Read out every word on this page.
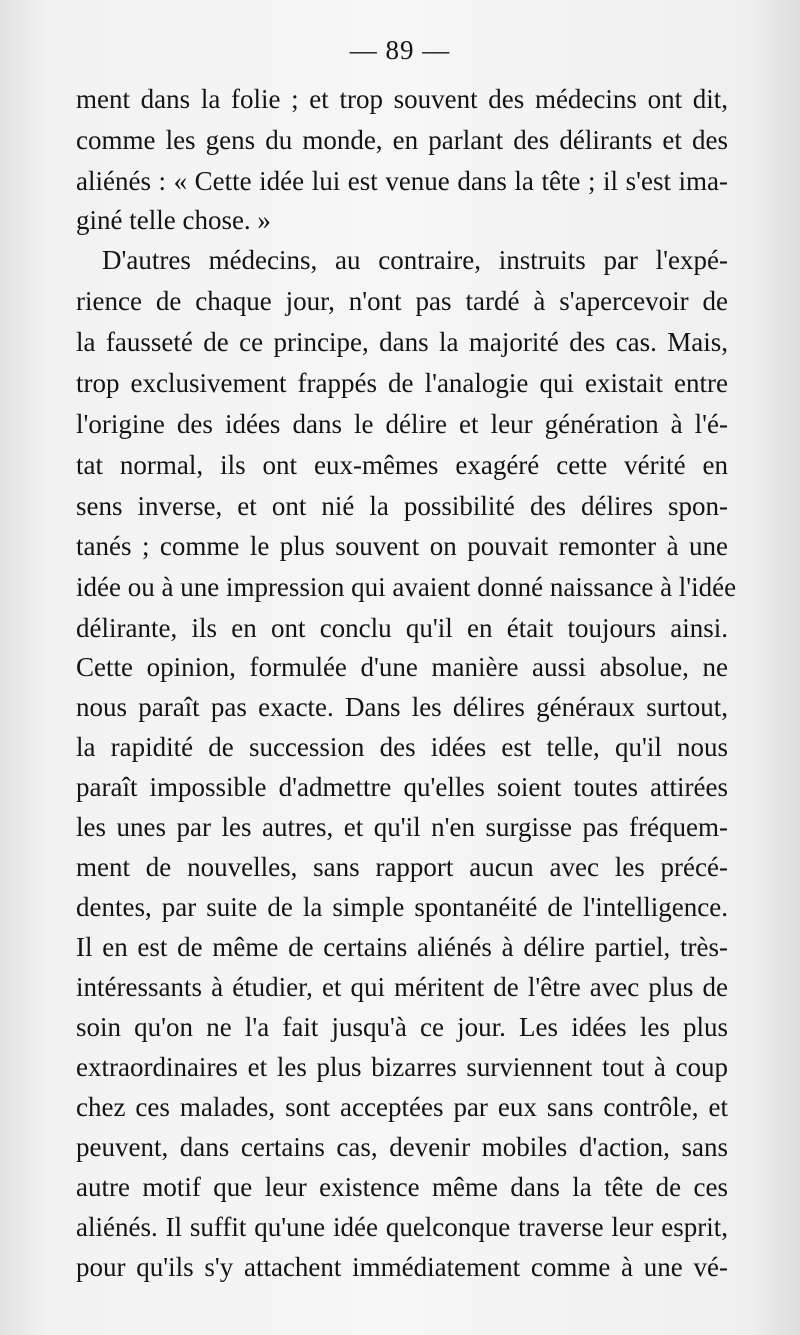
— 89 —
ment dans la folie ; et trop souvent des médecins ont dit,
comme les gens du monde, en parlant des délirants et des
aliénés : « Cette idée lui est venue dans la tête ; il s'est ima-
giné telle chose. »
D'autres médecins, au contraire, instruits par l'expé-
rience de chaque jour, n'ont pas tardé à s'apercevoir de
la fausseté de ce principe, dans la majorité des cas. Mais,
trop exclusivement frappés de l'analogie qui existait entre
l'origine des idées dans le délire et leur génération à l'é-
tat normal, ils ont eux-mêmes exagéré cette vérité en
sens inverse, et ont nié la possibilité des délires spon-
tanés ; comme le plus souvent on pouvait remonter à une
idée ou à une impression qui avaient donné naissance à l'idée
délirante, ils en ont conclu qu'il en était toujours ainsi.
Cette opinion, formulée d'une manière aussi absolue, ne
nous paraît pas exacte. Dans les délires généraux surtout,
la rapidité de succession des idées est telle, qu'il nous
paraît impossible d'admettre qu'elles soient toutes attirées
les unes par les autres, et qu'il n'en surgisse pas fréquem-
ment de nouvelles, sans rapport aucun avec les précé-
dentes, par suite de la simple spontanéité de l'intelligence.
Il en est de même de certains aliénés à délire partiel, très-
intéressants à étudier, et qui méritent de l'être avec plus de
soin qu'on ne l'a fait jusqu'à ce jour. Les idées les plus
extraordinaires et les plus bizarres surviennent tout à coup
chez ces malades, sont acceptées par eux sans contrôle, et
peuvent, dans certains cas, devenir mobiles d'action, sans
autre motif que leur existence même dans la tête de ces
aliénés. Il suffit qu'une idée quelconque traverse leur esprit,
pour qu'ils s'y attachent immédiatement comme à une vé-
